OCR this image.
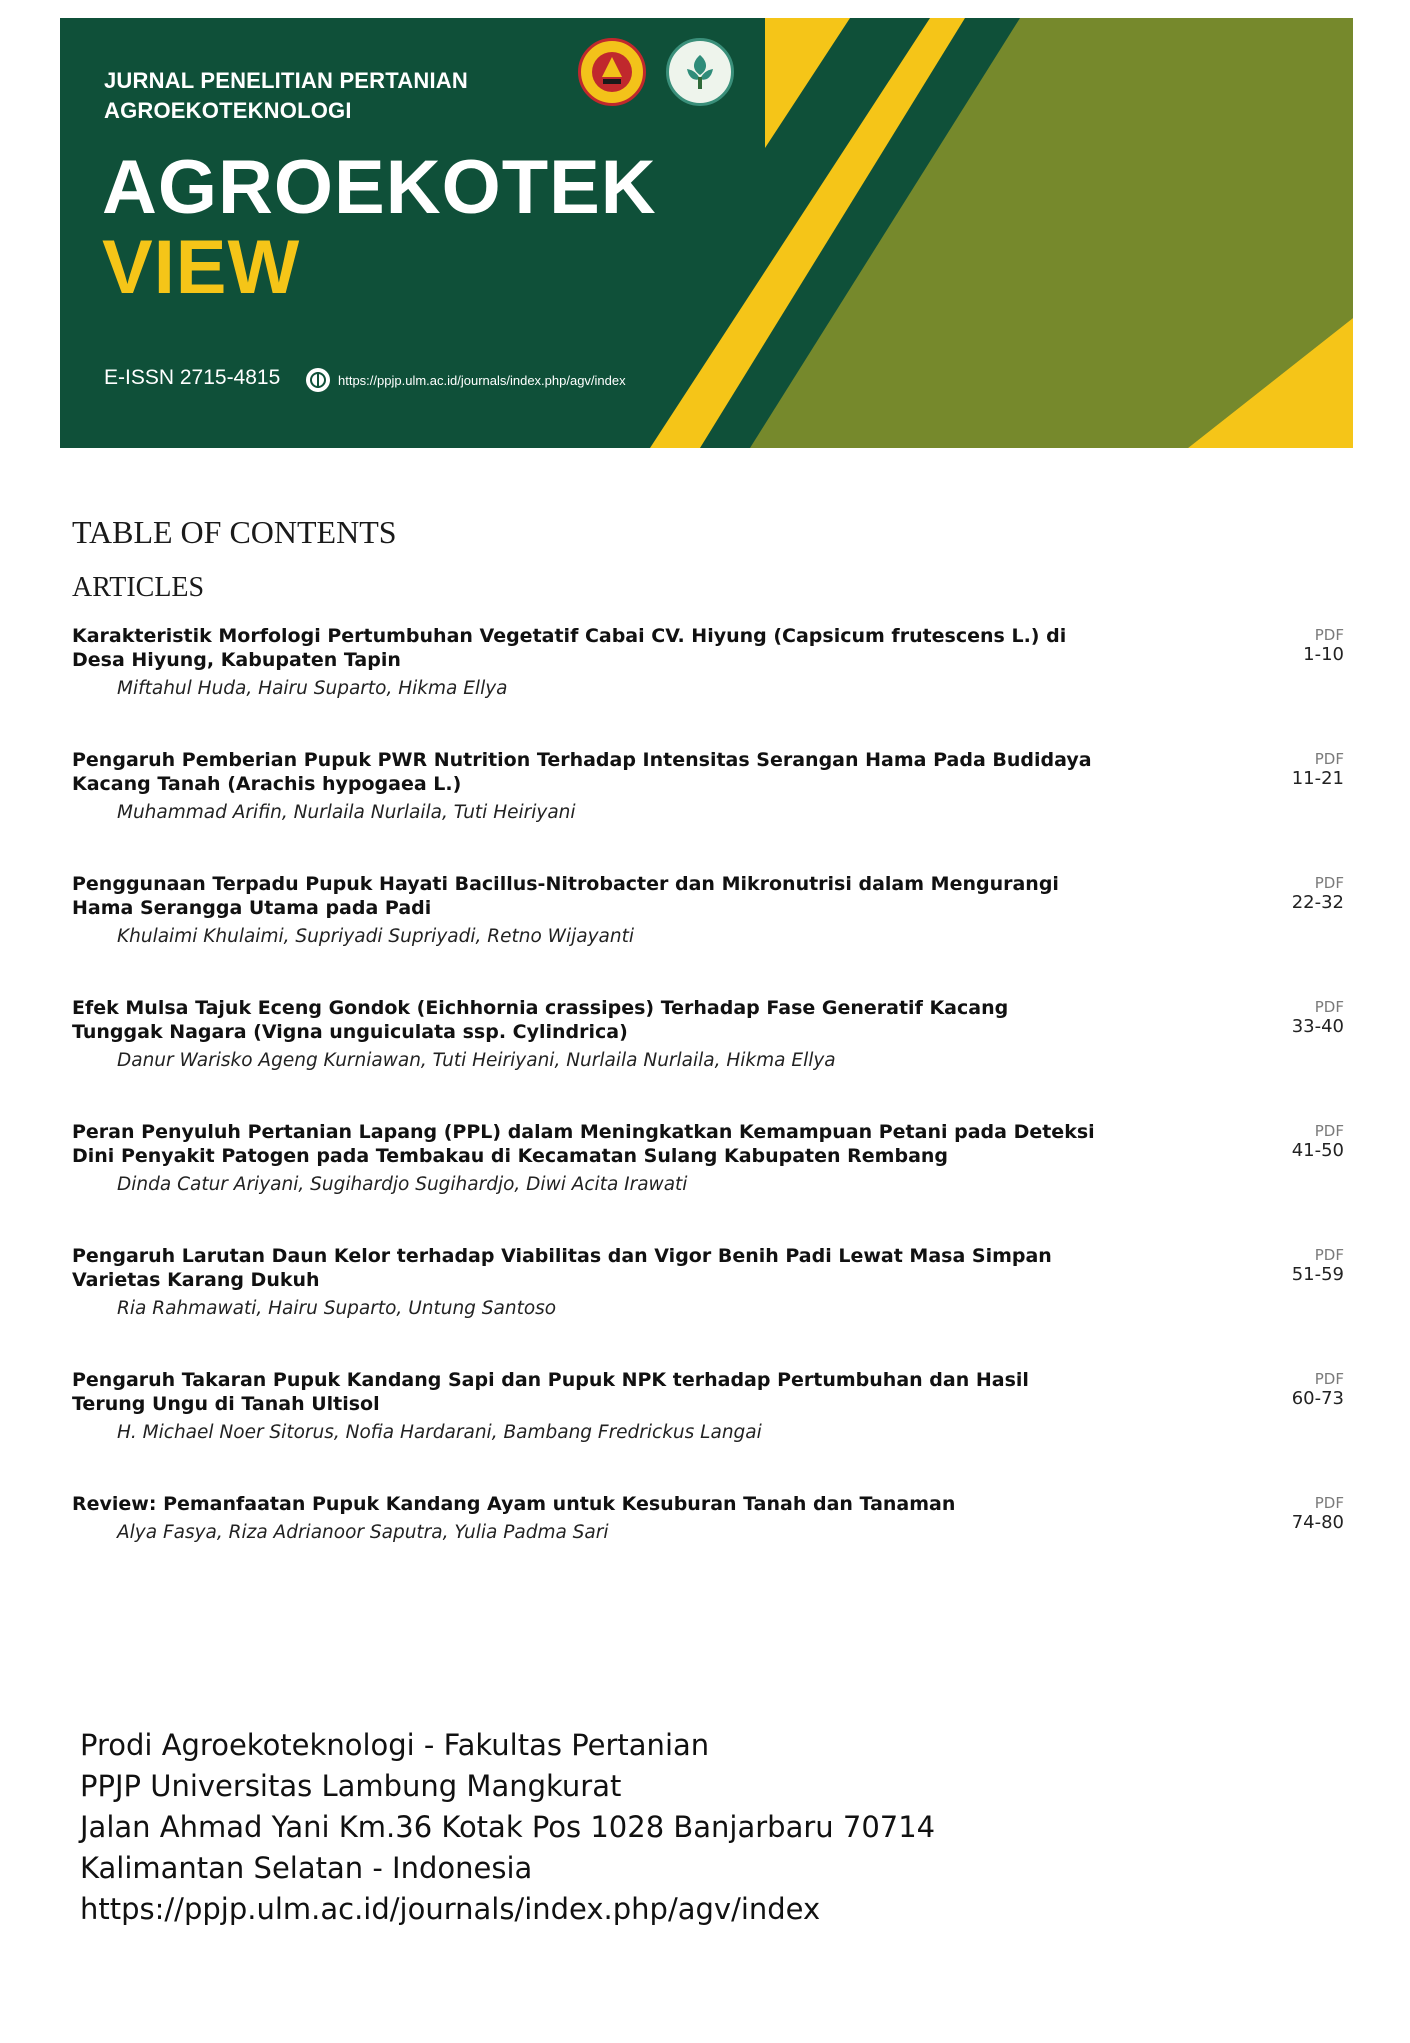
JURNAL PENELITIAN PERTANIAN
AGROEKOTEKNOLOGI
AGROEKOTEK
VIEW
E-ISSN 2715-4815	https://ppjp.ulm.ac.id/journals/index.php/agv/index
TABLE OF CONTENTS
ARTICLES
Karakteristik Morfologi Pertumbuhan Vegetatif Cabai CV. Hiyung (Capsicum frutescens L.) di Desa Hiyung, Kabupaten Tapin
Miftahul Huda, Hairu Suparto, Hikma Ellya
PDF
1-10
Pengaruh Pemberian Pupuk PWR Nutrition Terhadap Intensitas Serangan Hama Pada Budidaya Kacang Tanah (Arachis hypogaea L.)
Muhammad Arifin, Nurlaila Nurlaila, Tuti Heiriyani
PDF
11-21
Penggunaan Terpadu Pupuk Hayati Bacillus-Nitrobacter dan Mikronutrisi dalam Mengurangi Hama Serangga Utama pada Padi
Khulaimi Khulaimi, Supriyadi Supriyadi, Retno Wijayanti
PDF
22-32
Efek Mulsa Tajuk Eceng Gondok (Eichhornia crassipes) Terhadap Fase Generatif Kacang Tunggak Nagara (Vigna unguiculata ssp. Cylindrica)
Danur Warisko Ageng Kurniawan, Tuti Heiriyani, Nurlaila Nurlaila, Hikma Ellya
PDF
33-40
Peran Penyuluh Pertanian Lapang (PPL) dalam Meningkatkan Kemampuan Petani pada Deteksi Dini Penyakit Patogen pada Tembakau di Kecamatan Sulang Kabupaten Rembang
Dinda Catur Ariyani, Sugihardjo Sugihardjo, Diwi Acita Irawati
PDF
41-50
Pengaruh Larutan Daun Kelor terhadap Viabilitas dan Vigor Benih Padi Lewat Masa Simpan Varietas Karang Dukuh
Ria Rahmawati, Hairu Suparto, Untung Santoso
PDF
51-59
Pengaruh Takaran Pupuk Kandang Sapi dan Pupuk NPK terhadap Pertumbuhan dan Hasil Terung Ungu di Tanah Ultisol
H. Michael Noer Sitorus, Nofia Hardarani, Bambang Fredrickus Langai
PDF
60-73
Review: Pemanfaatan Pupuk Kandang Ayam untuk Kesuburan Tanah dan Tanaman
Alya Fasya, Riza Adrianoor Saputra, Yulia Padma Sari
PDF
74-80
Prodi Agroekoteknologi - Fakultas Pertanian
PPJP Universitas Lambung Mangkurat
Jalan Ahmad Yani Km.36 Kotak Pos 1028 Banjarbaru 70714
Kalimantan Selatan - Indonesia
https://ppjp.ulm.ac.id/journals/index.php/agv/index
